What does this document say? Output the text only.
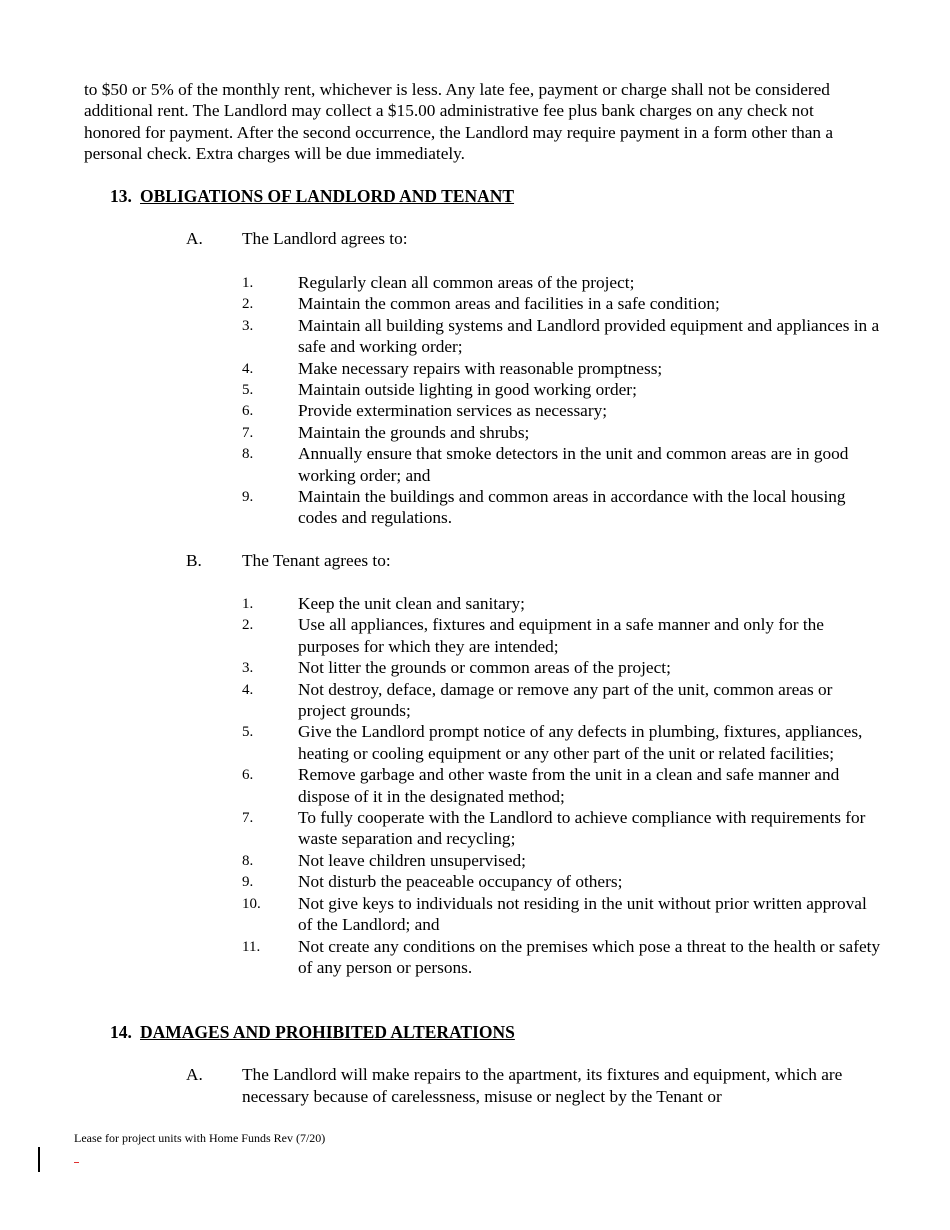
to $50 or 5% of the monthly rent, whichever is less. Any late fee, payment or charge shall not be considered additional rent. The Landlord may collect a $15.00 administrative fee plus bank charges on any check not honored for payment. After the second occurrence, the Landlord may require payment in a form other than a personal check. Extra charges will be due immediately.

13. OBLIGATIONS OF LANDLORD AND TENANT
A. The Landlord agrees to:
1.	Regularly clean all common areas of the project;
2.	Maintain the common areas and facilities in a safe condition;
3.	Maintain all building systems and Landlord provided equipment and appliances in a safe and working order;
4.	Make necessary repairs with reasonable promptness;
5.	Maintain outside lighting in good working order;
6.	Provide extermination services as necessary;
7.	Maintain the grounds and shrubs;
8.	Annually ensure that smoke detectors in the unit and common areas are in good working order; and
9.	Maintain the buildings and common areas in accordance with the local housing codes and regulations.
B. The Tenant agrees to:
1.	Keep the unit clean and sanitary;
2.	Use all appliances, fixtures and equipment in a safe manner and only for the purposes for which they are intended;
3.	Not litter the grounds or common areas of the project;
4.	Not destroy, deface, damage or remove any part of the unit, common areas or project grounds;
5.	Give the Landlord prompt notice of any defects in plumbing, fixtures, appliances, heating or cooling equipment or any other part of the unit or related facilities;
6.	Remove garbage and other waste from the unit in a clean and safe manner and dispose of it in the designated method;
7.	To fully cooperate with the Landlord to achieve compliance with requirements for waste separation and recycling;
8.	Not leave children unsupervised;
9.	Not disturb the peaceable occupancy of others;
10. Not give keys to individuals not residing in the unit without prior written approval of the Landlord; and
11. Not create any conditions on the premises which pose a threat to the health or safety of any person or persons.
14. DAMAGES AND PROHIBITED ALTERATIONS
A.	The Landlord will make repairs to the apartment, its fixtures and equipment, which are necessary because of carelessness, misuse or neglect by the Tenant or
Lease for project units with Home Funds Rev (7/20)
